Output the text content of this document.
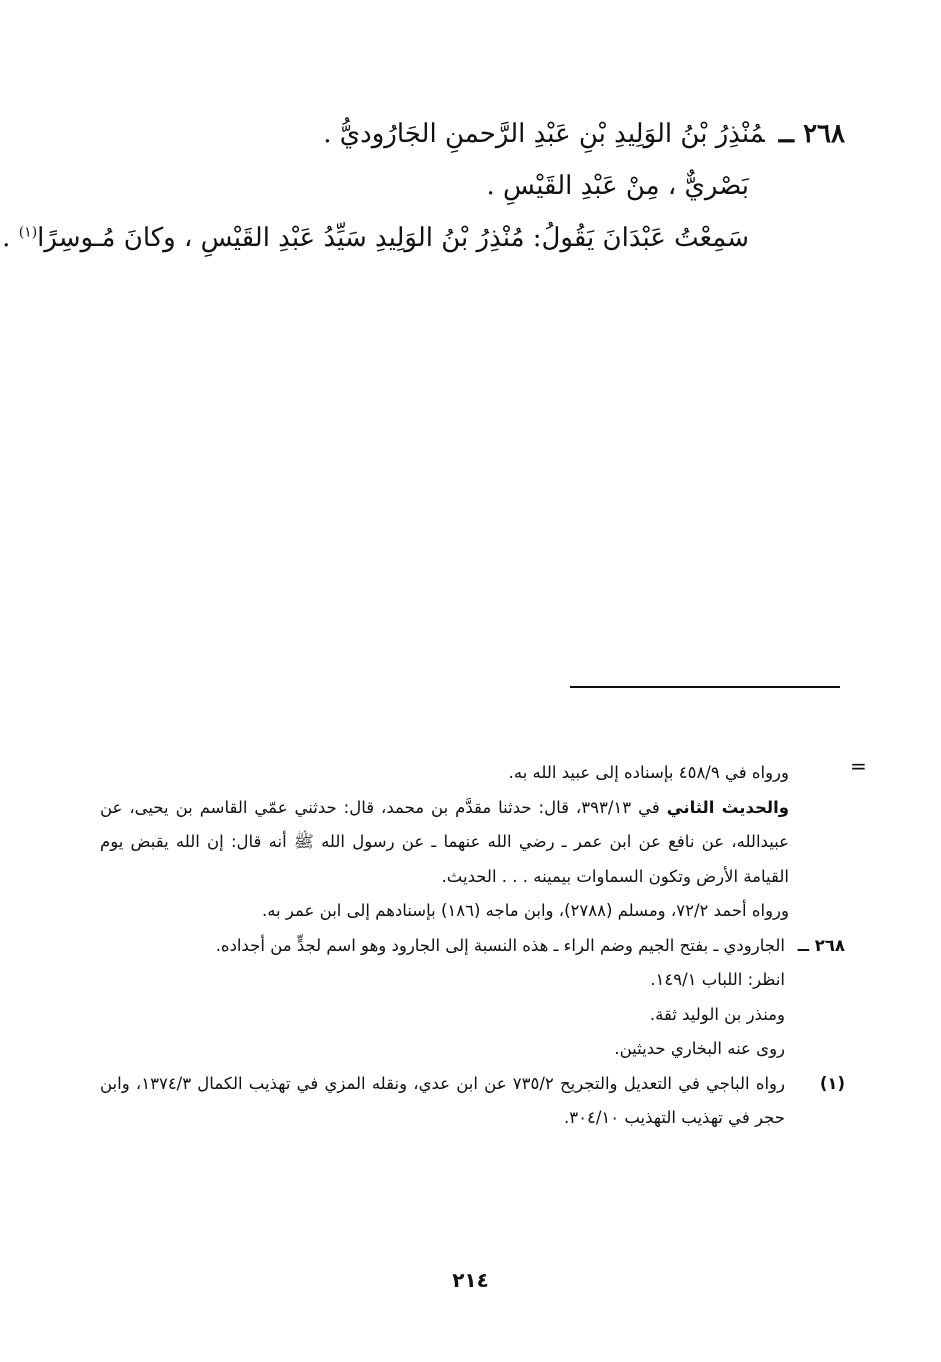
٢٦٨ ــمُنْذِرُ بْنُ الوَلِيدِ بْنِ عَبْدِ الرَّحمنِ الجَارُوديُّ .

بَصْريٌّ ، مِنْ عَبْدِ القَيْسِ .

سَمِعْتُ عَبْدَانَ يَقُولُ: مُنْذِرُ بْنُ الوَلِيدِ سَيِّدُ عَبْدِ القَيْسِ ، وكانَ مُـوسِرًا$^{(١)}$ .

=

ورواه في ٤٥٨/٩ بإسناده إلى عبيد الله به.

والحديث الثاني في ٣٩٣/١٣، قال: حدثنا مقدَّم بن محمد، قال: حدثني عمّي القاسم بن يحيى، عن عبيدالله، عن نافع عن ابن عمر ـ رضي الله عنهما ـ عن رسول الله ﷺ أنه قال: إن الله يقبض يوم القيامة الأرض وتكون السماوات بيمينه . . . الحديث.

ورواه أحمد ٧٢/٢، ومسلم (٢٧٨٨)، وابن ماجه (١٨٦) بإسنادهم إلى ابن عمر به.

٢٦٨ ــ

الجارودي ـ بفتح الجيم وضم الراء ـ هذه النسبة إلى الجارود وهو اسم لجدٍّ من أجداده.

انظر: اللباب ١٤٩/١.

ومنذر بن الوليد ثقة.

روى عنه البخاري حديثين.

(١)

رواه الباجي في التعديل والتجريح ٧٣٥/٢ عن ابن عدي، ونقله المزي في تهذيب الكمال ١٣٧٤/٣، وابن حجر في تهذيب التهذيب ٣٠٤/١٠.

٢١٤
